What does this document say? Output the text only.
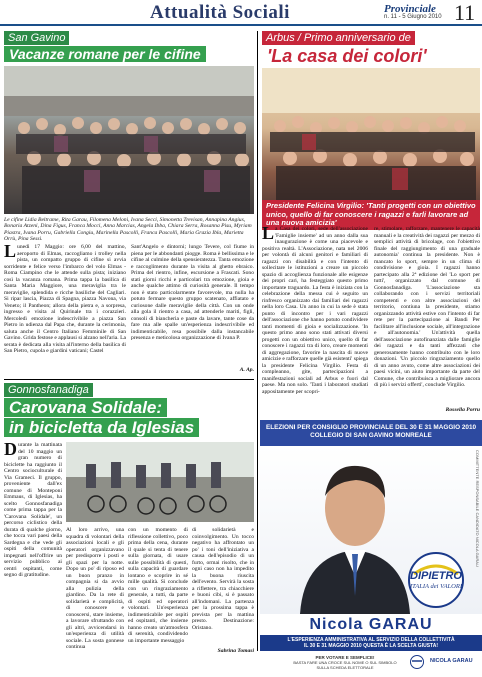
Attualità Sociali	Provinciale
n. 11 - 5 Giugno 2010 11
San Gavino
Vacanze romane per le cifine
Le cifine Lidia Beltrame, Rita Garau, Filomena Meloni, Ivana Secci, Simonetta Trevisan, Annapina Angius, Bonaria Atzeni, Dina Figus, Franca Mocci, Anna Marcias, Angela Ibba, Chiara Serra, Rosanna Pisu, Myriam Piastra, Ivana Porru, Gabriella Congiu, Marinella Pascolli, Franca Pascolli, Maria Grazia Ibla, Marietta Orrù, Pina Sessi.
Lunedì 17 Maggio: ore 6,00 del mattino, aeroporto di Elmas, raccogliamo i trolley nella pista, un compatto gruppo di cifine si avvia sorridente e felice verso l'imbarco del volo Elmas - Roma Ciampino che le attende sulla pista; iniziano così la vacanza romana. Prima tappa la basilica di Santa Maria Maggiore, una meraviglia tra le meraviglie, splendida e ricche basiliche del Cagliari. Si ripar lascia, Piazza di Spagna, piazza Navona, via Veneto; il Pantheon; allora della pietra e, a sorpresa, ingresso e visita al Quirinale tra i corazzieri. Mercoledì emozione indescrivibile a piazza San Pietro in udienza dal Papa che, durante la cerimonia, saluta anche il Centro Italiano Femminile di San Gavino. Grida festose e applausi si alzano nell'aria. La serata è dedicata alla visita all'interno della basilica di San Pietro, cupola e giardini vaticani; Castel
Sant'Angelo e dintorni; lungo Tevere, col fiume in piena per le abbondanti piogge. Roma è bellissima e le cifine al culmine della spensieratezza. Tanta emozione e raccoglimento durante la visita al ghetto ebraico. Prima del rientro, infine, escursione a Frascati. Sono stati giorni ricchi e particolari tra emozione, gioia e anche qualche attimo di curiosità generale. Il tempo non è stato particolarmente favorevole, ma nulla ha potuto fermare questo gruppo scatenato, affiatato e curiosone dalle meraviglie della città. Con un onde alla gola il rientro a casa, ad attenderle mariti, figli, consoli di biancheria e paste da lavare, tante cose da fare ma alle spalle un'esperienza indescrivibile ed indimenticabile, resa possibile dalla instancabile presenza e meticolosa organizzazione di Ivana P.
A. Ap.
Gonnosfanadiga
Carovana Solidale:
in bicicletta da Iglesias
Durante la mattinata del 10 maggio un gran numero di biciclette ha raggiunto il Centro socioculturale di Via Grameci. Il gruppo, proveniente dall'ex comune di Monteponi Emmaus, di Iglesias, ha scelto Gonnosfanadiga come prima tappa per la 'Carovana Solidale', un percorso ciclistico della durata di qualche giorno, che tocca vari paesi della Sardegna e che vede gli ospiti della comunità impegnati nell'offrire un servizio pubblico ai centri ospitanti, come segno di gratitudine.
Al loro arrivo, una squadra di volontari della associazioni locali e gli operatori organizzavano per predisporre i posti e gli spazi per la notte. Dopo un po' di riposo ed un buon pranzo in compagnia si da avvio alla pulizia della giardino. Da la rete di solidarietà e complicità, di conoscere e conoscersi, stare insieme, a lavorare sfruttando con gli altri, avvicendarsi in un'esperienza di utilità sociale. La sosta gonnese continua
con un momento di riflessione collettivo, poco prima della cena, durante il quale si tenta di tenere sulla giornata, di usare sulle possibilità di questi, sulla capacità di guardare lontano e scoprire in sé mille qualità. Si conclude con un ringraziamento generale, a tutti, da parte di ospiti ed operatori volontari. Un'esperienza indimenticabile per ospiti ed ospitanti, che insieme hanno creato un'atmosfera di serenità, condividendo un importante messaggio
di solidarietà e coinvolgimento. Un tocco negativo ha affrontato un po' i toni dell'iniziativa a causa dell'episodio di un furto, ormai risolto, che in ogni caso non ha impedito la buona riuscita dell'evento. Servirà la sosta a riflettere, tra chiacchiere e buoni cibi, si è passato all'indomani. La partenza per la prossima tappa è prevista per la mattina presto. Destinazione: Oristano.
Sabrina Tomasi
Arbus / Primo anniversario de
'La casa dei colori'
Presidente Felicina Virgilio: 'Tanti progetti con un obiettivo unico, quello di far conoscere i ragazzi e farli lavorare ad una nuova amicizia'
La Casa dei colori, sede dell'associazione 'Famiglie insieme' ad un anno dalla sua inaugurazione è come una piacevole e positiva realtà. L'Associazione, nata nel 2006 per volontà di alcuni genitori e familiari di ragazzi con disabilità e con l'intento di sollecitare le istituzioni a creare un piccolo spazio di accoglienza funzionale alle esigenze dei propri cari, ha festeggiato questo primo importante traguardo. La festa è iniziata con la celebrazione della messa cui è seguito un rinfresco organizzato dai familiari dei ragazzi nella loro Casa. Un anno in cui la sede è stata punto di incontro per i vari ragazzi dell'associazione che hanno potuto condividere tanti momenti di gioia e socializzazione. 'In questo primo anno sono stati attivati diversi progetti con un obiettivo unico, quello di far conoscere i ragazzi tra di loro, creare momenti di aggregazione, favorire la nascita di nuove amicizie e rafforzare quelle già esistenti' spiega la presidente Felicina Virgilio. Festa di compleanno, gite, partecipazioni a manifestazioni sociali ad Arbus e fuori dal paese. Ma non solo. 'Tanti i laboratori studiati appositamente per scopri-
re, stimolare, rafforzare, mantenere le capacità manuali e la creatività dei ragazzi per mezzo di semplici attività di bricolage, con l'obiettivo finale del raggiungimento di una graduale autonomia' continua la presidente. Non è mancato lo sport, sempre in un clima di condivisione e gioia. I ragazzi hanno partecipato alla 2ª edizione del 'Lo sport per tutti', organizzato dal comune di Gonnosfanadiga. 'L'associazione sta collaborando con i servizi territoriali competenti e con altre associazioni del territorio, contiuna la presidente, stiamo organizzando attività estive con l'intento di far rete per la partecipazione ai Bandi Per facilitare all'inclusione sociale, all'integrazione e all'autonomia.' Un'attività quella dell'associazione autofinanziata dalle famiglie dei ragazzi e da tanti affezzati che generosamente hanno contribuito con le loro donazioni. 'Un piccolo ringraziamento quello di un anno avuto, come altre associazioni dei paesi vicini, un aiuto importante da parte del Comune, che contribuisca a migliorare ancora di più i servizi offerti', conclude Virgilio.
Rossella Porru
ELEZIONI PER CONSIGLIO PROVINCIALE DEL 30 E 31 MAGGIO 2010
COLLEGIO DI SAN GAVINO MONREALE
COMMITTENTE RESPONSABILE CANDIDATO NICOLA GARAU
DIPIETRO
ITALIA dei VALORI
Nicola GARAU
L'ESPERIENZA AMMINISTRATIVA AL SERVIZIO DELLA COLLETTIVITÀ
IL 30 E 31 MAGGIO 2010 QUESTA È LA SCELTA GIUSTA!
PER VOTARE E SEMPLICE!
BASTA FARE UNA CROCE SUL NOME O SUL SIMBOLO
SULLA SCHEDA ELETTORALE
NICOLA GARAU
